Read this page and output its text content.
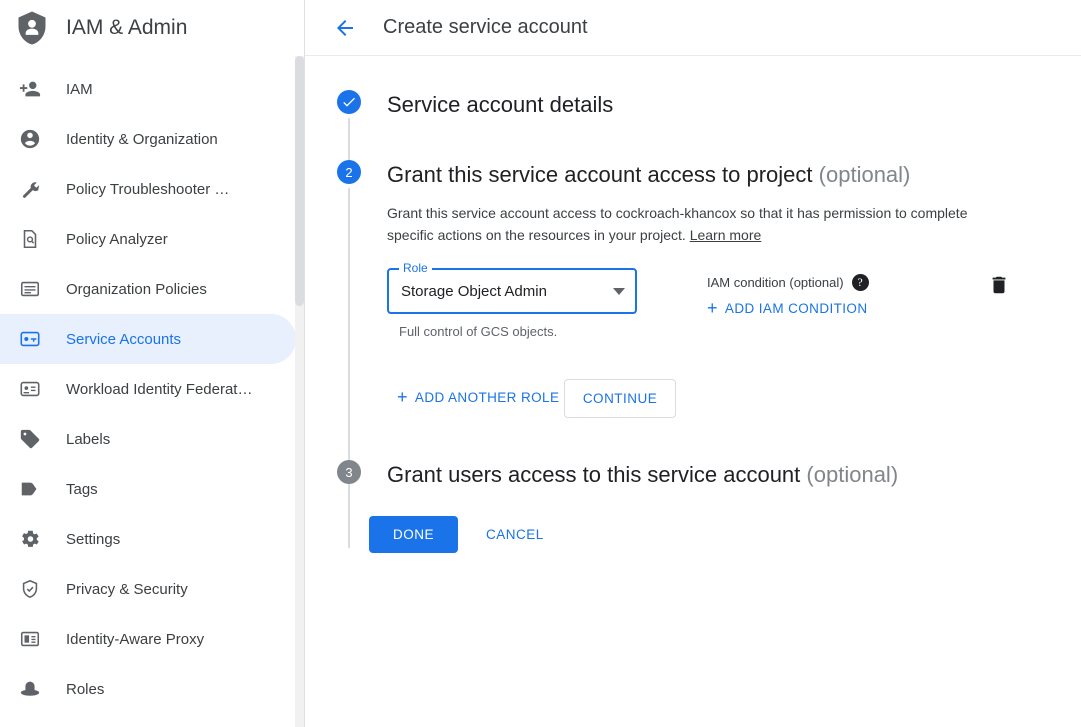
IAM & Admin
IAM
Identity & Organization
Policy Troubleshooter …
Policy Analyzer
Organization Policies
Service Accounts
Workload Identity Federat…
Labels
Tags
Settings
Privacy & Security
Identity-Aware Proxy
Roles
Create service account
Service account details
2	Grant this service account access to project (optional)
Grant this service account access to cockroach-khancox so that it has permission to complete specific actions on the resources in your project. Learn more
Role
Storage Object Admin
Full control of GCS objects.
IAM condition (optional)	?
+ ADD IAM CONDITION
+ ADD ANOTHER ROLE CONTINUE
3	Grant users access to this service account (optional)
DONE	CANCEL
